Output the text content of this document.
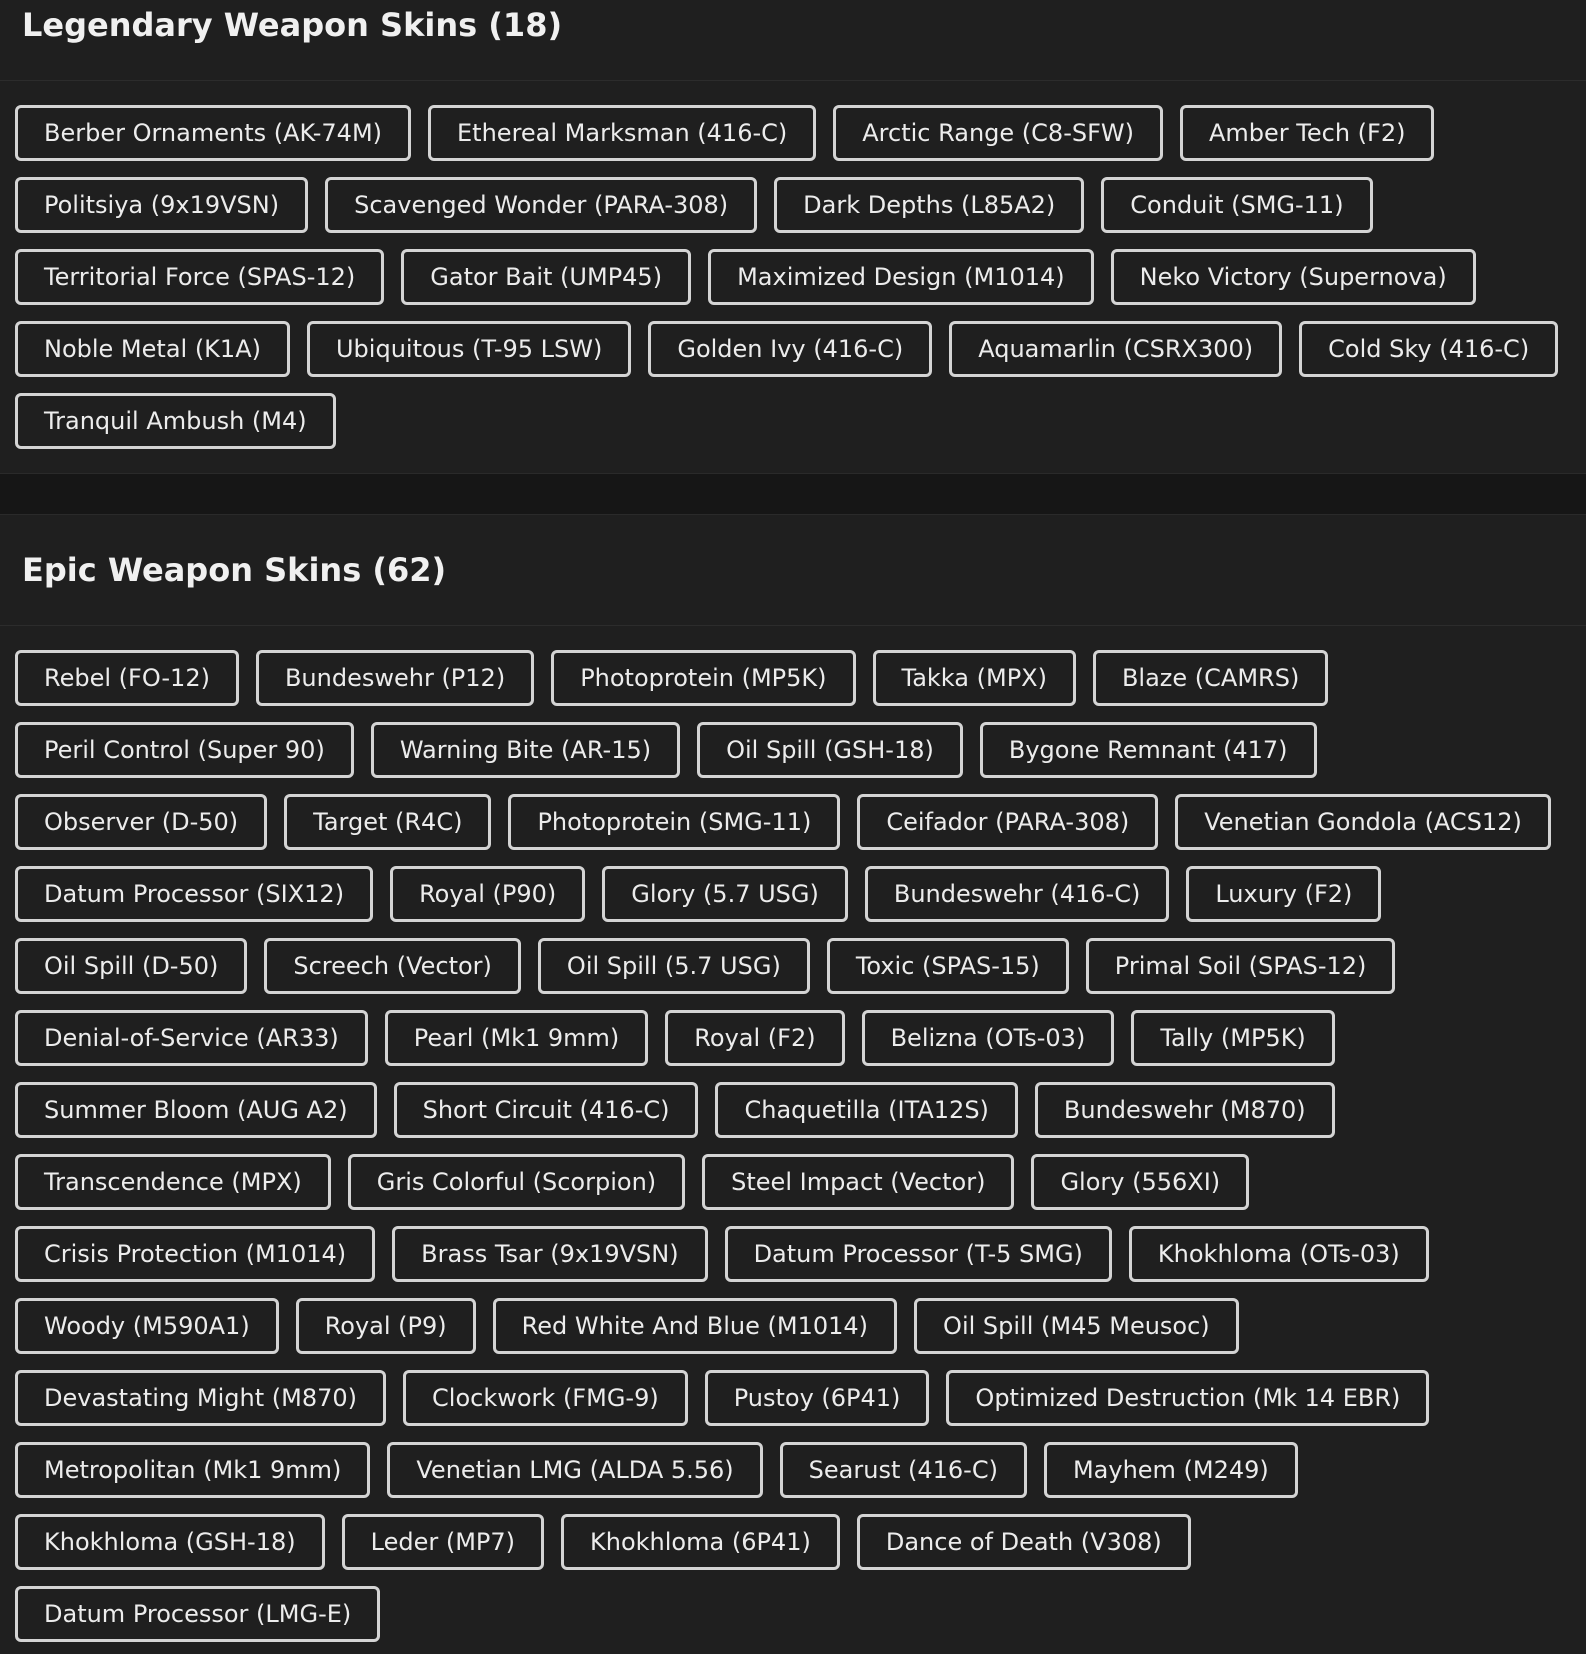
Legendary Weapon Skins (18)
Berber Ornaments (AK-74M)	Ethereal Marksman (416-C)	Arctic Range (C8-SFW)	Amber Tech (F2)
Politsiya (9x19VSN)	Scavenged Wonder (PARA-308)	Dark Depths (L85A2)	Conduit (SMG-11)
Territorial Force (SPAS-12)	Gator Bait (UMP45)	Maximized Design (M1014)	Neko Victory (Supernova)
Noble Metal (K1A)	Ubiquitous (T-95 LSW)	Golden Ivy (416-C)	Aquamarlin (CSRX300)	Cold Sky (416-C)
Tranquil Ambush (M4)
Epic Weapon Skins (62)
Rebel (FO-12)	Bundeswehr (P12)	Photoprotein (MP5K)	Takka (MPX)	Blaze (CAMRS)
Peril Control (Super 90)	Warning Bite (AR-15)	Oil Spill (GSH-18)	Bygone Remnant (417)
Observer (D-50)	Target (R4C)	Photoprotein (SMG-11)	Ceifador (PARA-308)	Venetian Gondola (ACS12)
Datum Processor (SIX12)	Royal (P90)	Glory (5.7 USG)	Bundeswehr (416-C)	Luxury (F2)
Oil Spill (D-50)	Screech (Vector)	Oil Spill (5.7 USG)	Toxic (SPAS-15)	Primal Soil (SPAS-12)
Denial-of-Service (AR33)	Pearl (Mk1 9mm)	Royal (F2)	Belizna (OTs-03)	Tally (MP5K)
Summer Bloom (AUG A2)	Short Circuit (416-C)	Chaquetilla (ITA12S)	Bundeswehr (M870)
Transcendence (MPX)	Gris Colorful (Scorpion)	Steel Impact (Vector)	Glory (556XI)
Crisis Protection (M1014)	Brass Tsar (9x19VSN)	Datum Processor (T-5 SMG)	Khokhloma (OTs-03)
Woody (M590A1)	Royal (P9)	Red White And Blue (M1014)	Oil Spill (M45 Meusoc)
Devastating Might (M870)	Clockwork (FMG-9)	Pustoy (6P41)	Optimized Destruction (Mk 14 EBR)
Metropolitan (Mk1 9mm)	Venetian LMG (ALDA 5.56)	Searust (416-C)	Mayhem (M249)
Khokhloma (GSH-18)	Leder (MP7)	Khokhloma (6P41)	Dance of Death (V308)
Datum Processor (LMG-E)
